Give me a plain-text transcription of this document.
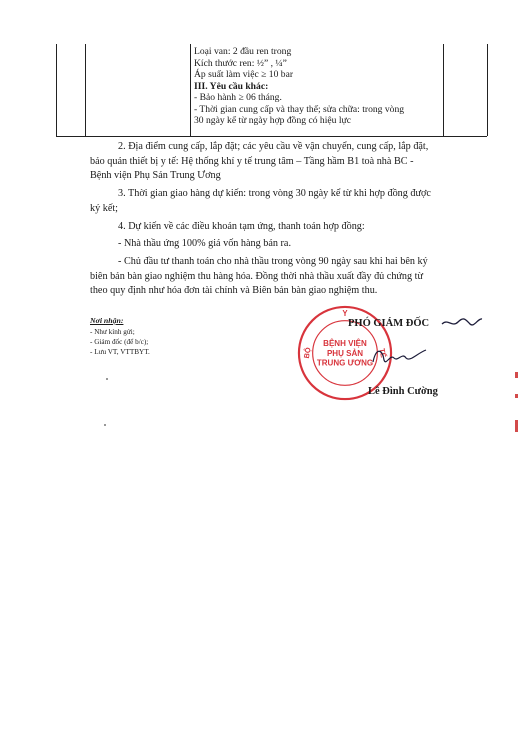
Loại van: 2 đầu ren trong
Kích thước ren: ½” , ¼”
Áp suất làm việc ≥ 10 bar
III. Yêu cầu khác:
- Bảo hành ≥ 06 tháng.
- Thời gian cung cấp và thay thế; sửa chữa: trong vòng
30 ngày kể từ ngày hợp đồng có hiệu lực
2. Địa điểm cung cấp, lắp đặt; các yêu cầu về vận chuyển, cung cấp, lắp đặt,
bảo quản thiết bị y tế: Hệ thống khí y tế trung tâm – Tầng hầm B1 toà nhà BC -
Bệnh viện Phụ Sản Trung Ương
3. Thời gian giao hàng dự kiến: trong vòng 30 ngày kể từ khi hợp đồng được
ký kết;
4. Dự kiến về các điều khoản tạm ứng, thanh toán hợp đồng:
- Nhà thầu ứng 100% giá vốn hàng bán ra.
- Chủ đầu tư thanh toán cho nhà thầu trong vòng 90 ngày sau khi hai bên ký
biên bản bàn giao nghiệm thu hàng hóa. Đồng thời nhà thầu xuất đầy đủ chứng từ
theo quy định như hóa đơn tài chính và Biên bản bàn giao nghiệm thu.
Nơi nhận:
- Như kính gửi;
- Giám đốc (để b/c);
- Lưu VT, VTTBYT.
BỆNH VIỆN
PHỤ SẢN
TRUNG ƯƠNG
Y
BỘ	TẾ
PHÓ GIÁM ĐỐC
Lê Đình Cường
